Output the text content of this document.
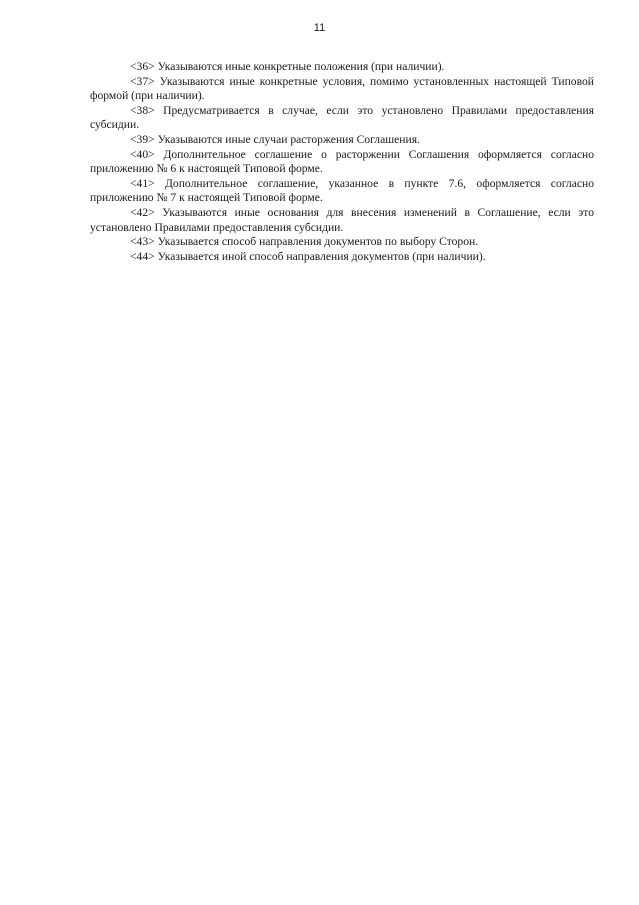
11

<36> Указываются иные конкретные положения (при наличии).

<37> Указываются иные конкретные условия, помимо установленных настоящей Типовой формой (при наличии).

<38> Предусматривается в случае, если это установлено Правилами предоставления субсидии.

<39> Указываются иные случаи расторжения Соглашения.

<40> Дополнительное соглашение о расторжении Соглашения оформляется согласно приложению № 6 к настоящей Типовой форме.

<41> Дополнительное соглашение, указанное в пункте 7.6, оформляется согласно приложению № 7 к настоящей Типовой форме.

<42> Указываются иные основания для внесения изменений в Соглашение, если это установлено Правилами предоставления субсидии.

<43> Указывается способ направления документов по выбору Сторон.

<44> Указывается иной способ направления документов (при наличии).
